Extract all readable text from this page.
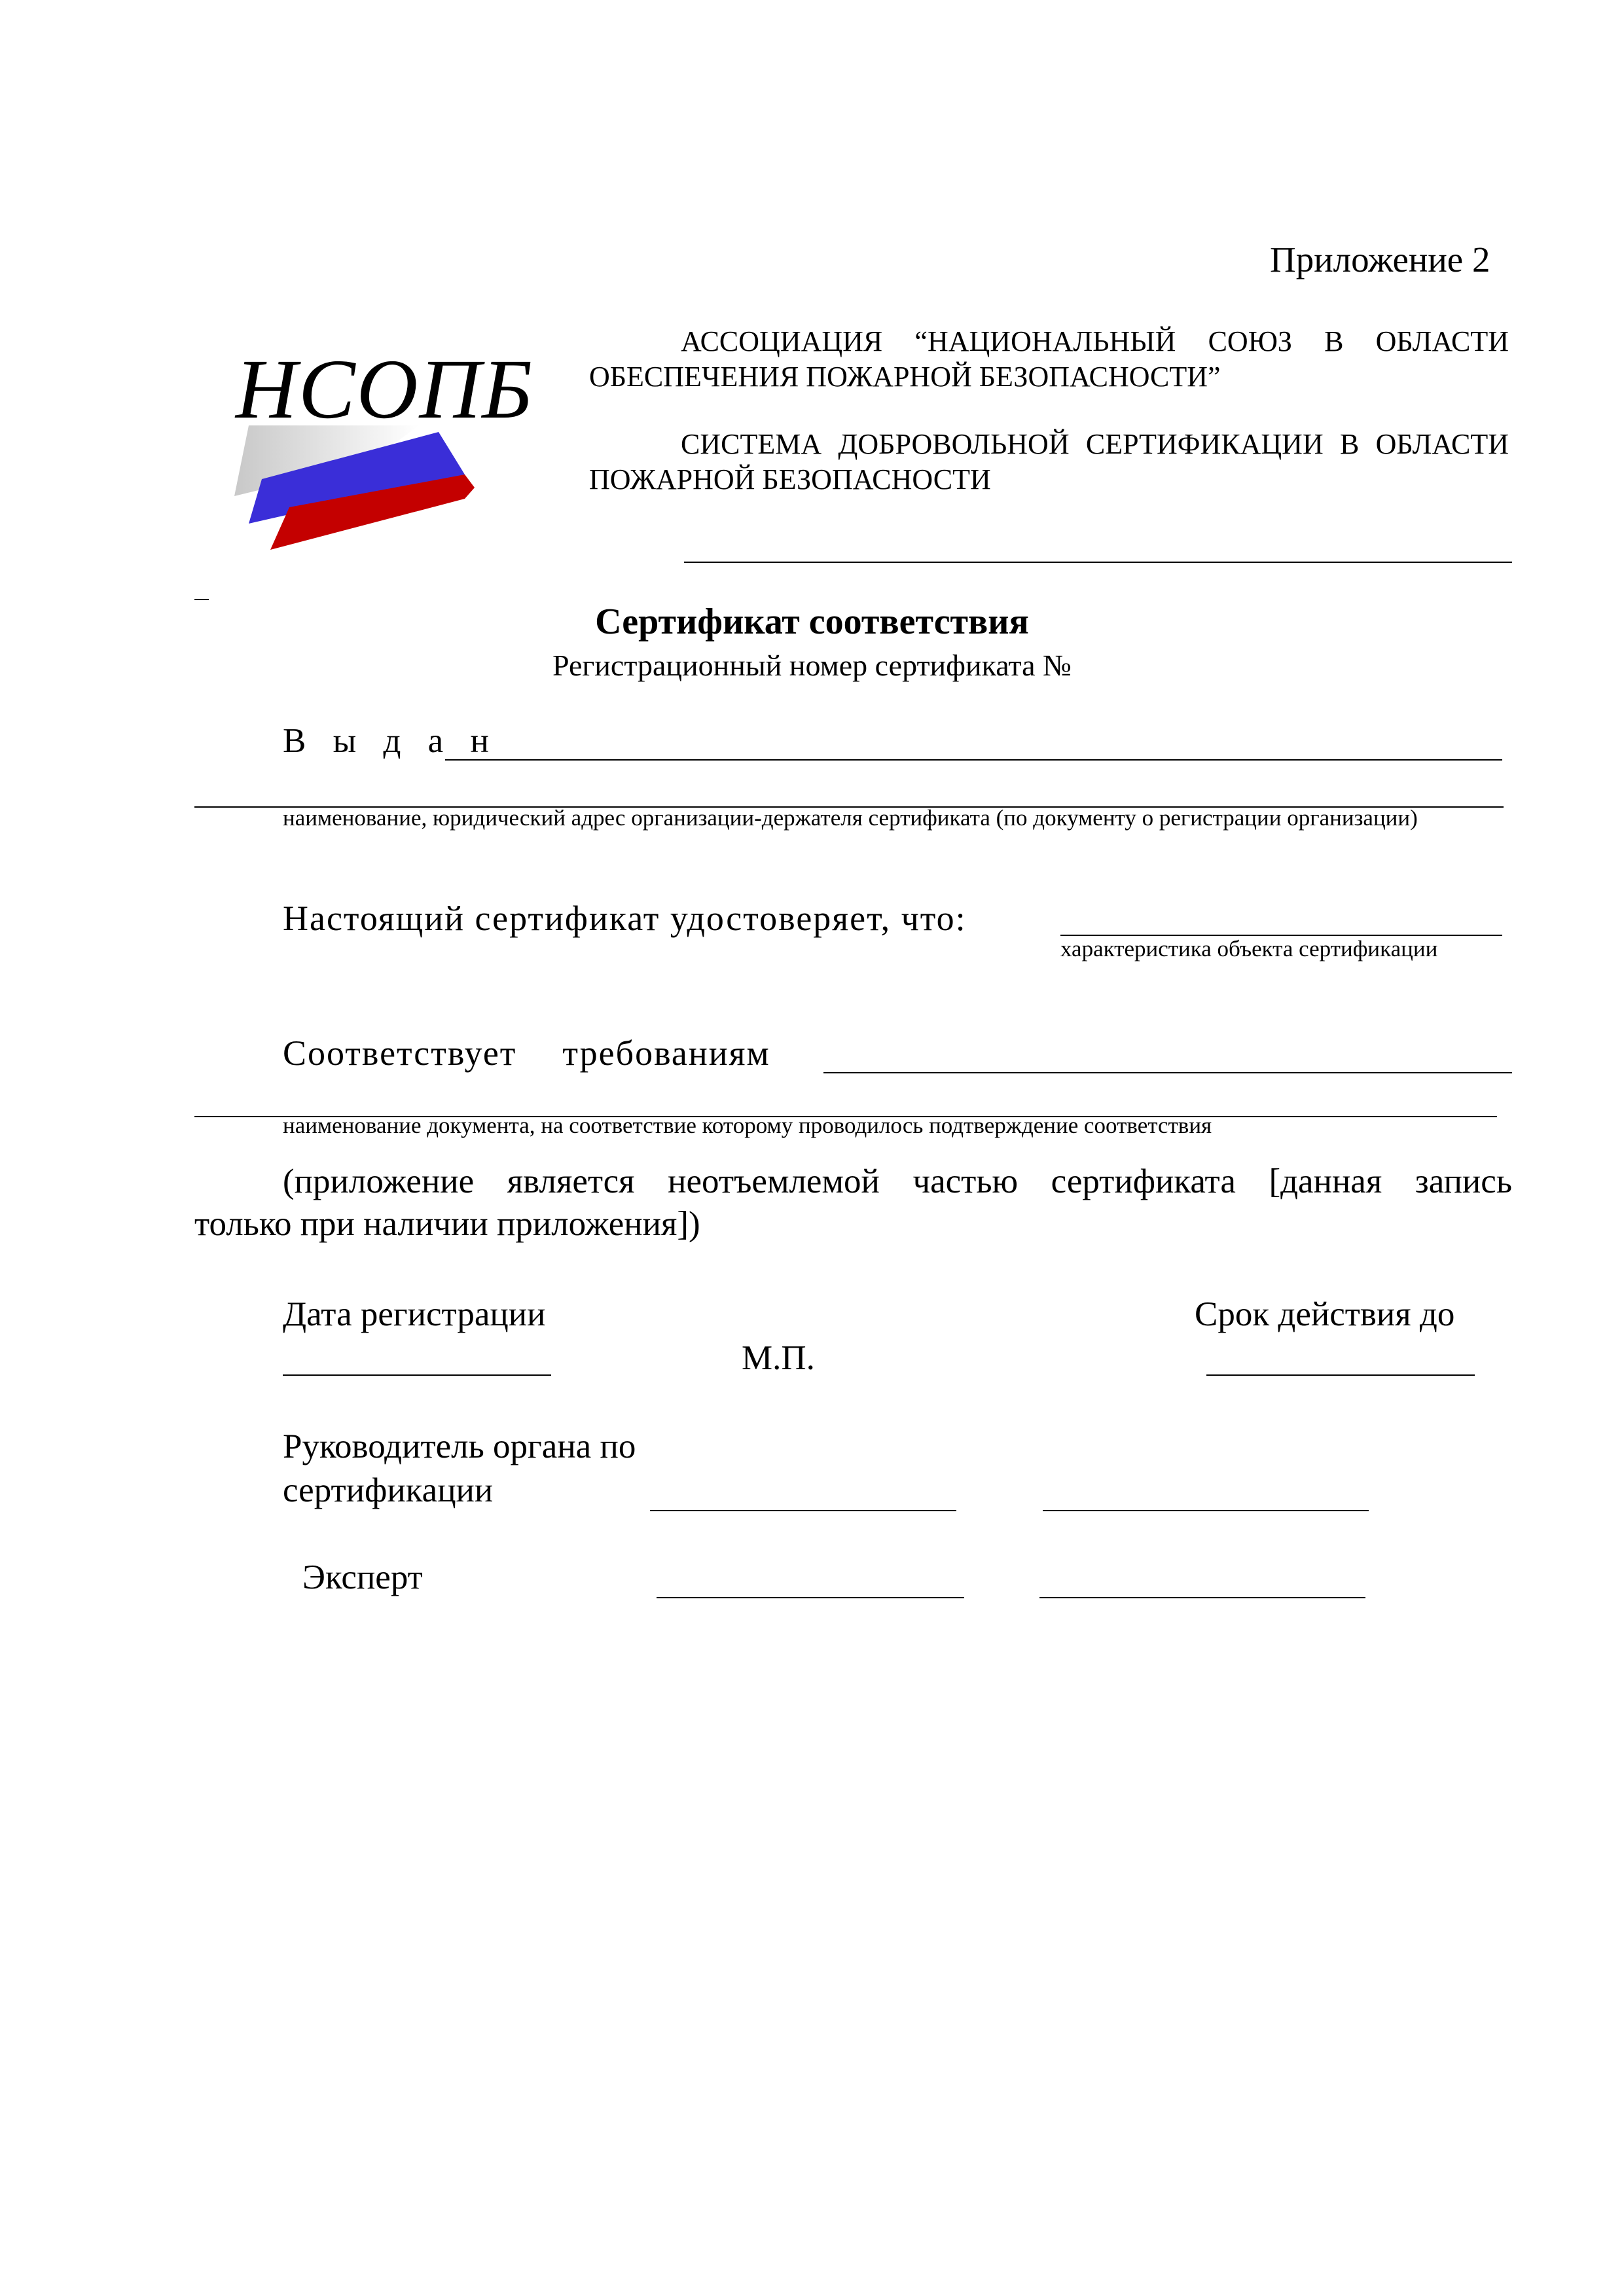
Приложение 2
НСОПБ
АССОЦИАЦИЯ “НАЦИОНАЛЬНЫЙ СОЮЗ В ОБЛАСТИ
ОБЕСПЕЧЕНИЯ ПОЖАРНОЙ БЕЗОПАСНОСТИ”
СИСТЕМА ДОБРОВОЛЬНОЙ СЕРТИФИКАЦИИ В ОБЛАСТИ
ПОЖАРНОЙ БЕЗОПАСНОСТИ
Сертификат соответствия
Регистрационный номер сертификата №
В ы д а н
наименование, юридический адрес организации-держателя сертификата (по документу о регистрации организации)
Настоящий сертификат удостоверяет, что:
характеристика объекта сертификации
Соответствует требованиям
наименование документа, на соответствие которому проводилось подтверждение соответствия
(приложение является неотъемлемой частью сертификата [данная запись
только при наличии приложения])
Дата регистрации
М.П.
Срок действия до
Руководитель органа по
сертификации
Эксперт
